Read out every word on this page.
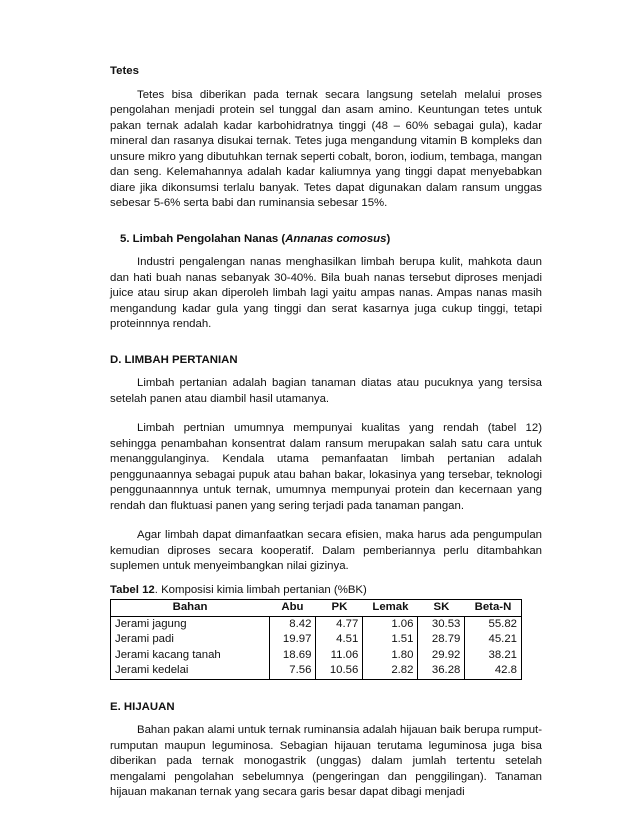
Tetes

Tetes bisa diberikan pada ternak secara langsung setelah melalui proses pengolahan menjadi protein sel tunggal dan asam amino. Keuntungan tetes untuk pakan ternak adalah kadar karbohidratnya tinggi (48 – 60% sebagai gula), kadar mineral dan rasanya disukai ternak. Tetes juga mengandung vitamin B kompleks dan unsure mikro yang dibutuhkan ternak seperti cobalt, boron, iodium, tembaga, mangan dan seng. Kelemahannya adalah kadar kaliumnya yang tinggi dapat menyebabkan diare jika dikonsumsi terlalu banyak. Tetes dapat digunakan dalam ransum unggas sebesar 5-6% serta babi dan ruminansia sebesar 15%.

5. Limbah Pengolahan Nanas (Annanas comosus)

Industri pengalengan nanas menghasilkan limbah berupa kulit, mahkota daun dan hati buah nanas sebanyak 30-40%. Bila buah nanas tersebut diproses menjadi juice atau sirup akan diperoleh limbah lagi yaitu ampas nanas. Ampas nanas masih mengandung kadar gula yang tinggi dan serat kasarnya juga cukup tinggi, tetapi proteinnnya rendah.

D. LIMBAH PERTANIAN

Limbah pertanian adalah bagian tanaman diatas atau pucuknya yang tersisa setelah panen atau diambil hasil utamanya.

Limbah pertnian umumnya mempunyai kualitas yang rendah (tabel 12) sehingga penambahan konsentrat dalam ransum merupakan salah satu cara untuk menanggulanginya. Kendala utama pemanfaatan limbah pertanian adalah penggunaannya sebagai pupuk atau bahan bakar, lokasinya yang tersebar, teknologi penggunaannnya untuk ternak, umumnya mempunyai protein dan kecernaan yang rendah dan fluktuasi panen yang sering terjadi pada tanaman pangan.

Agar limbah dapat dimanfaatkan secara efisien, maka harus ada pengumpulan kemudian diproses secara kooperatif. Dalam pemberiannya perlu ditambahkan suplemen untuk menyeimbangkan nilai gizinya.

Tabel 12. Komposisi kimia limbah pertanian (%BK)

Bahan	Abu	PK	Lemak	SK	Beta-N
Jerami jagung	8.42	4.77	1.06	30.53	55.82
Jerami padi	19.97	4.51	1.51	28.79	45.21
Jerami kacang tanah	18.69	11.06	1.80	29.92	38.21
Jerami kedelai	7.56	10.56	2.82	36.28	42.8

E. HIJAUAN

Bahan pakan alami untuk ternak ruminansia adalah hijauan baik berupa rumput-rumputan maupun leguminosa. Sebagian hijauan terutama leguminosa juga bisa diberikan pada ternak monogastrik (unggas) dalam jumlah tertentu setelah mengalami pengolahan sebelumnya (pengeringan dan penggilingan). Tanaman hijauan makanan ternak yang secara garis besar dapat dibagi menjadi
